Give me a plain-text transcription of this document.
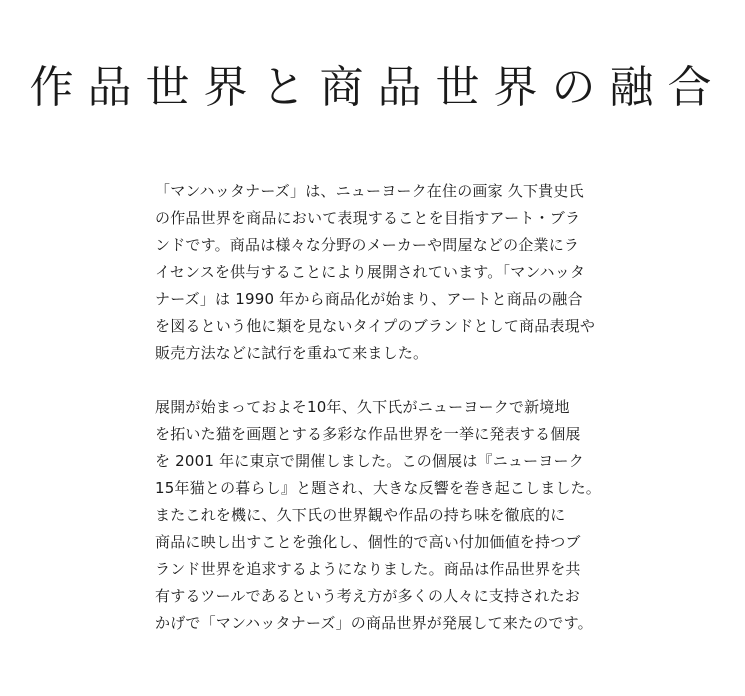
作品世界と商品世界の融合

「マンハッタナーズ」は、ニューヨーク在住の画家 久下貴史氏
の作品世界を商品において表現することを目指すアート・ブラ
ンドです。商品は様々な分野のメーカーや問屋などの企業にラ
イセンスを供与することにより展開されています。「マンハッタ
ナーズ」は 1990 年から商品化が始まり、アートと商品の融合
を図るという他に類を見ないタイプのブランドとして商品表現や
販売方法などに試行を重ねて来ました。

展開が始まっておよそ10年、久下氏がニューヨークで新境地
を拓いた猫を画題とする多彩な作品世界を一挙に発表する個展
を 2001 年に東京で開催しました。この個展は『ニューヨーク
15年猫との暮らし』と題され、大きな反響を巻き起こしました。
またこれを機に、久下氏の世界観や作品の持ち味を徹底的に
商品に映し出すことを強化し、個性的で高い付加価値を持つブ
ランド世界を追求するようになりました。商品は作品世界を共
有するツールであるという考え方が多くの人々に支持されたお
かげで「マンハッタナーズ」の商品世界が発展して来たのです。
